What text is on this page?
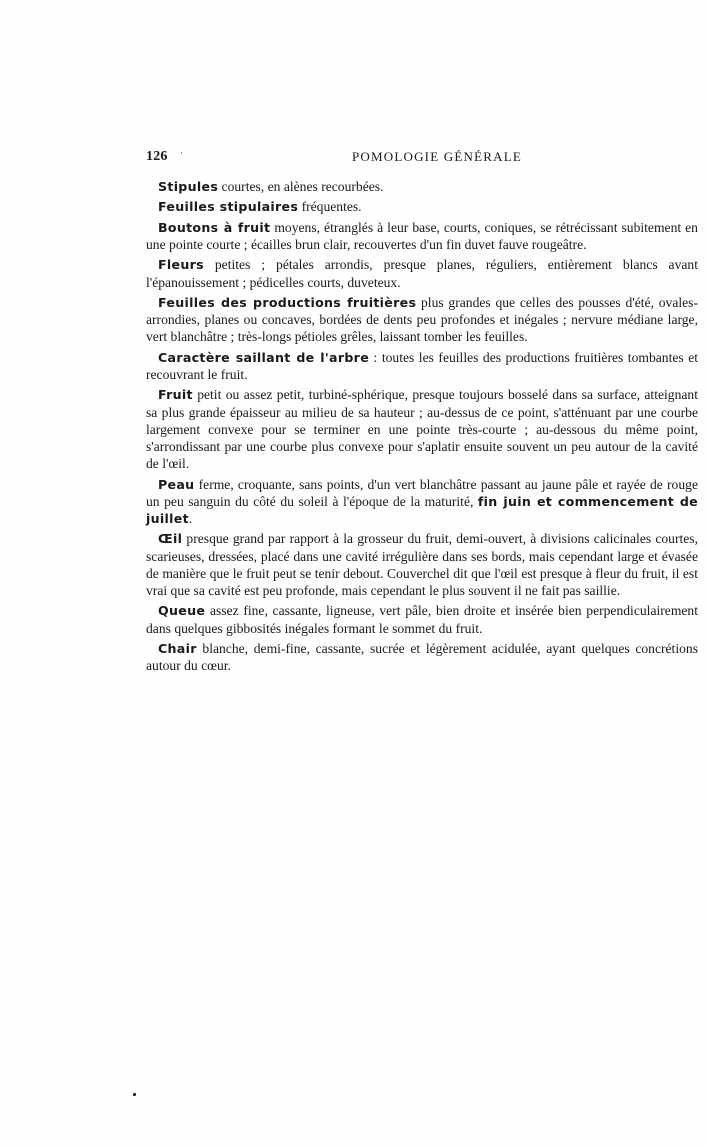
126	POMOLOGIE GÉNÉRALE

Stipules courtes, en alènes recourbées.

Feuilles stipulaires fréquentes.

Boutons à fruit moyens, étranglés à leur base, courts, coniques, se rétrécissant subitement en une pointe courte ; écailles brun clair, recouvertes d'un fin duvet fauve rougeâtre.

Fleurs petites ; pétales arrondis, presque planes, réguliers, entièrement blancs avant l'épanouissement ; pédicelles courts, duveteux.

Feuilles des productions fruitières plus grandes que celles des pousses d'été, ovales-arrondies, planes ou concaves, bordées de dents peu profondes et inégales ; nervure médiane large, vert blanchâtre ; très-longs pétioles grêles, laissant tomber les feuilles.

Caractère saillant de l'arbre : toutes les feuilles des productions fruitières tombantes et recouvrant le fruit.

Fruit petit ou assez petit, turbiné-sphérique, presque toujours bosselé dans sa surface, atteignant sa plus grande épaisseur au milieu de sa hauteur ; au-dessus de ce point, s'atténuant par une courbe largement convexe pour se terminer en une pointe très-courte ; au-dessous du même point, s'arrondissant par une courbe plus convexe pour s'aplatir ensuite souvent un peu autour de la cavité de l'œil.

Peau ferme, croquante, sans points, d'un vert blanchâtre passant au jaune pâle et rayée de rouge un peu sanguin du côté du soleil à l'époque de la maturité, fin juin et commencement de juillet.

Œil presque grand par rapport à la grosseur du fruit, demi-ouvert, à divisions calicinales courtes, scarieuses, dressées, placé dans une cavité irrégulière dans ses bords, mais cependant large et évasée de manière que le fruit peut se tenir debout. Couverchel dit que l'œil est presque à fleur du fruit, il est vrai que sa cavité est peu profonde, mais cependant le plus souvent il ne fait pas saillie.

Queue assez fine, cassante, ligneuse, vert pâle, bien droite et insérée bien perpendiculairement dans quelques gibbosités inégales formant le sommet du fruit.

Chair blanche, demi-fine, cassante, sucrée et légèrement acidulée, ayant quelques concrétions autour du cœur.
